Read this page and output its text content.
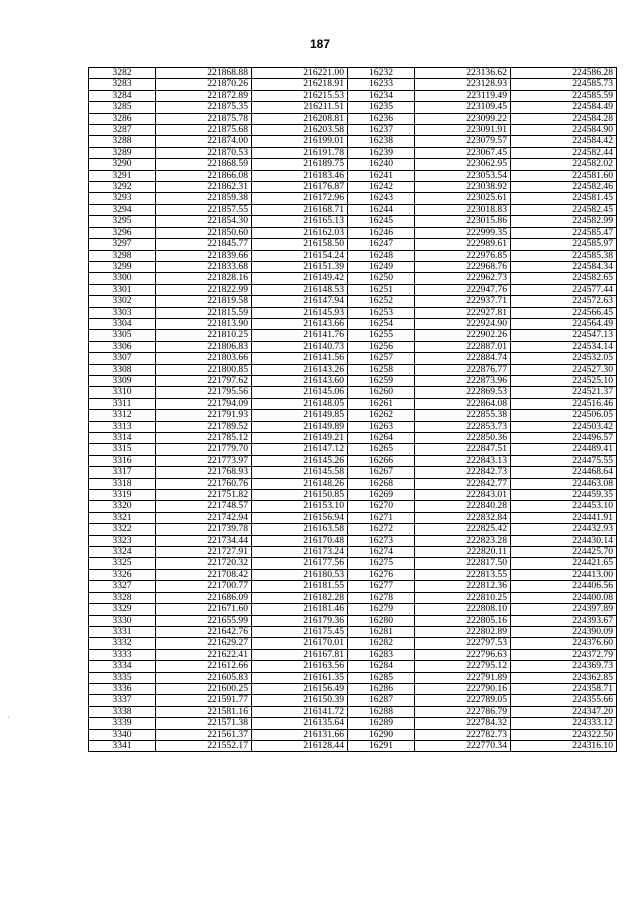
187
·
3282	221868.88	216221.00	16232	223136.62	224586.28
3283	221870.26	216218.91	16233	223128.93	224585.73
3284	221872.89	216215.53	16234	223119.49	224585.59
3285	221875.35	216211.51	16235	223109.45	224584.49
3286	221875.78	216208.81	16236	223099.22	224584.28
3287	221875.68	216203.58	16237	223091.91	224584.90
3288	221874.00	216199.01	16238	223079.57	224584.42
3289	221870.53	216191.78	16239	223067.45	224582.44
3290	221868.59	216189.75	16240	223062.95	224582.02
3291	221866.08	216183.46	16241	223053.54	224581.60
3292	221862.31	216176.87	16242	223038.92	224582.46
3293	221859.38	216172.96	16243	223025.61	224581.45
3294	221857.55	216168.71	16244	223018.83	224582.45
3295	221854.30	216165.13	16245	223015.86	224582.99
3296	221850.60	216162.03	16246	222999.35	224585.47
3297	221845.77	216158.50	16247	222989.61	224585.97
3298	221839.66	216154.24	16248	222976.85	224585.38
3299	221833.68	216151.39	16249	222968.76	224584.34
3300	221828.16	216149.42	16250	222962.73	224582.65
3301	221822.99	216148.53	16251	222947.76	224577.44
3302	221819.58	216147.94	16252	222937.71	224572.63
3303	221815.59	216145.93	16253	222927.81	224566.45
3304	221813.90	216143.66	16254	222924.90	224564.49
3305	221810.25	216141.76	16255	222902.26	224547.13
3306	221806.83	216140.73	16256	222887.01	224534.14
3307	221803.66	216141.56	16257	222884.74	224532.05
3308	221800.85	216143.26	16258	222876.77	224527.30
3309	221797.62	216143.60	16259	222873.96	224525.10
3310	221795.56	216145.06	16260	222869.53	224521.37
3311	221794.09	216148.05	16261	222864.08	224516.46
3312	221791.93	216149.85	16262	222855.38	224506.05
3313	221789.52	216149.89	16263	222853.73	224503.42
3314	221785.12	216149.21	16264	222850.36	224496.57
3315	221779.70	216147.12	16265	222847.51	224489.41
3316	221773.97	216145.26	16266	222843.13	224475.55
3317	221768.93	216145.58	16267	222842.73	224468.64
3318	221760.76	216148.26	16268	222842.77	224463.08
3319	221751.82	216150.85	16269	222843.01	224459.35
3320	221748.57	216153.10	16270	222840.28	224453.10
3321	221742.94	216156.94	16271	222832.84	224441.91
3322	221739.78	216163.58	16272	222825.42	224432.93
3323	221734.44	216170.48	16273	222823.28	224430.14
3324	221727.91	216173.24	16274	222820.11	224425.70
3325	221720.32	216177.56	16275	222817.50	224421.65
3326	221708.42	216180.53	16276	222813.55	224413.00
3327	221700.77	216181.55	16277	222812.36	224406.56
3328	221686.09	216182.28	16278	222810.25	224400.08
3329	221671.60	216181.46	16279	222808.10	224397.89
3330	221655.99	216179.36	16280	222805.16	224393.67
3331	221642.76	216175.45	16281	222802.89	224390.09
3332	221629.27	216170.01	16282	222797.53	224376.60
3333	221622.41	216167.81	16283	222796.63	224372.79
3334	221612.66	216163.56	16284	222795.12	224369.73
3335	221605.83	216161.35	16285	222791.89	224362.85
3336	221600.25	216156.49	16286	222790.16	224358.71
3337	221591.77	216150.39	16287	222789.05	224355.66
3338	221581.16	216141.72	16288	222786.79	224347.20
3339	221571.38	216135.64	16289	222784.32	224333.12
3340	221561.37	216131.66	16290	222782.73	224322.50
3341	221552.17	216128.44	16291	222770.34	224316.10
